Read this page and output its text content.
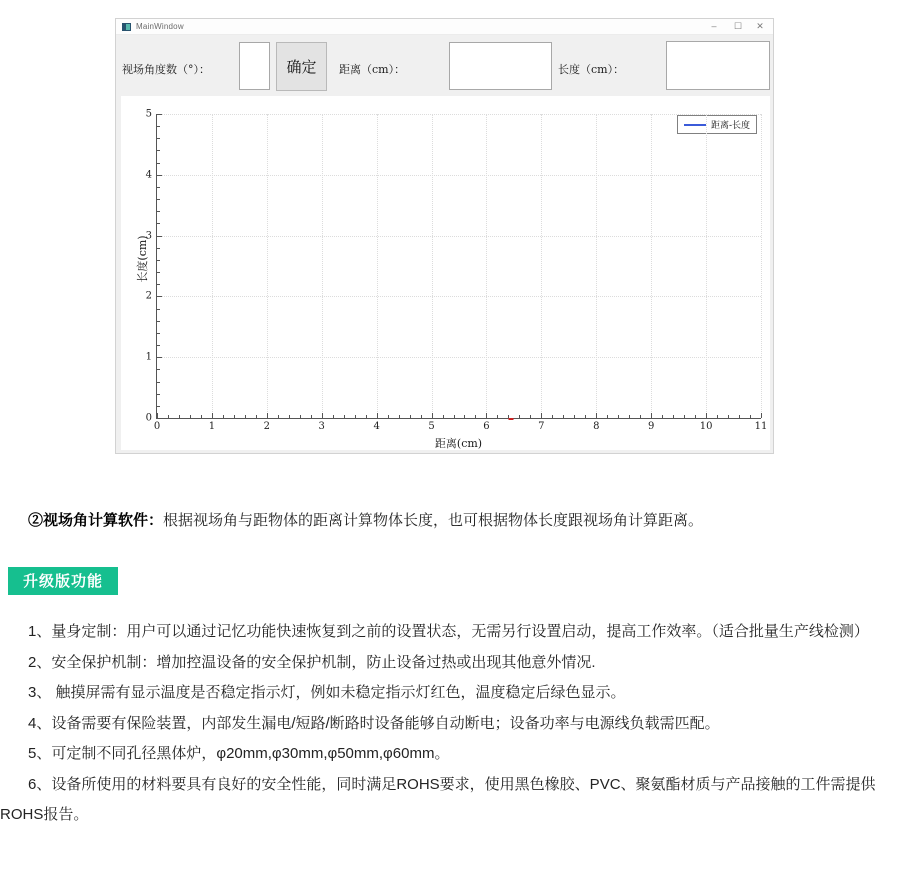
MainWindow	–	☐	✕
视场角度数（°）：	确定	距离（cm）：	长度（cm）：
距离-长度
0	1	2	3	4	5	6	7	8	9	10	11
0
1
2
3
4
5
距离(cm)
长度(cm)

②视场角计算软件：根据视场角与距物体的距离计算物体长度，也可根据物体长度跟视场角计算距离。

升级版功能

1、量身定制：用户可以通过记忆功能快速恢复到之前的设置状态，无需另行设置启动，提高工作效率。（适合批量生产线检测）

2、安全保护机制：增加控温设备的安全保护机制，防止设备过热或出现其他意外情况.

3、 触摸屏需有显示温度是否稳定指示灯，例如未稳定指示灯红色，温度稳定后绿色显示。

4、设备需要有保险装置，内部发生漏电/短路/断路时设备能够自动断电；设备功率与电源线负载需匹配。

5、可定制不同孔径黑体炉，φ20mm,φ30mm,φ50mm,φ60mm。

6、设备所使用的材料要具有良好的安全性能，同时满足ROHS要求，使用黑色橡胶、PVC、聚氨酯材质与产品接触的工件需提供ROHS报告。
